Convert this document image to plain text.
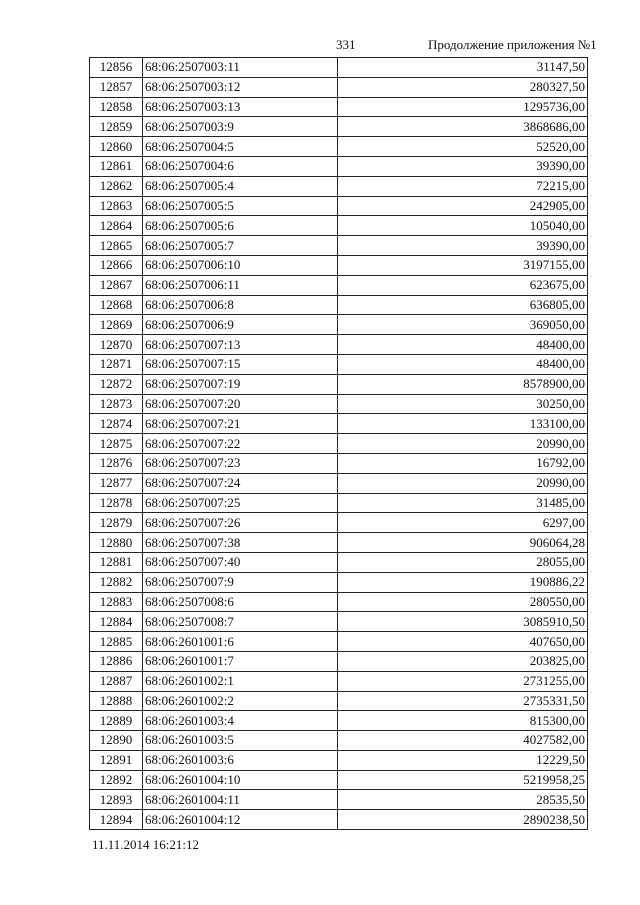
331	Продолжение приложения №1
12856	68:06:2507003:11	31147,50
12857	68:06:2507003:12	280327,50
12858	68:06:2507003:13	1295736,00
12859	68:06:2507003:9	3868686,00
12860	68:06:2507004:5	52520,00
12861	68:06:2507004:6	39390,00
12862	68:06:2507005:4	72215,00
12863	68:06:2507005:5	242905,00
12864	68:06:2507005:6	105040,00
12865	68:06:2507005:7	39390,00
12866	68:06:2507006:10	3197155,00
12867	68:06:2507006:11	623675,00
12868	68:06:2507006:8	636805,00
12869	68:06:2507006:9	369050,00
12870	68:06:2507007:13	48400,00
12871	68:06:2507007:15	48400,00
12872	68:06:2507007:19	8578900,00
12873	68:06:2507007:20	30250,00
12874	68:06:2507007:21	133100,00
12875	68:06:2507007:22	20990,00
12876	68:06:2507007:23	16792,00
12877	68:06:2507007:24	20990,00
12878	68:06:2507007:25	31485,00
12879	68:06:2507007:26	6297,00
12880	68:06:2507007:38	906064,28
12881	68:06:2507007:40	28055,00
12882	68:06:2507007:9	190886,22
12883	68:06:2507008:6	280550,00
12884	68:06:2507008:7	3085910,50
12885	68:06:2601001:6	407650,00
12886	68:06:2601001:7	203825,00
12887	68:06:2601002:1	2731255,00
12888	68:06:2601002:2	2735331,50
12889	68:06:2601003:4	815300,00
12890	68:06:2601003:5	4027582,00
12891	68:06:2601003:6	12229,50
12892	68:06:2601004:10	5219958,25
12893	68:06:2601004:11	28535,50
12894	68:06:2601004:12	2890238,50
11.11.2014 16:21:12
